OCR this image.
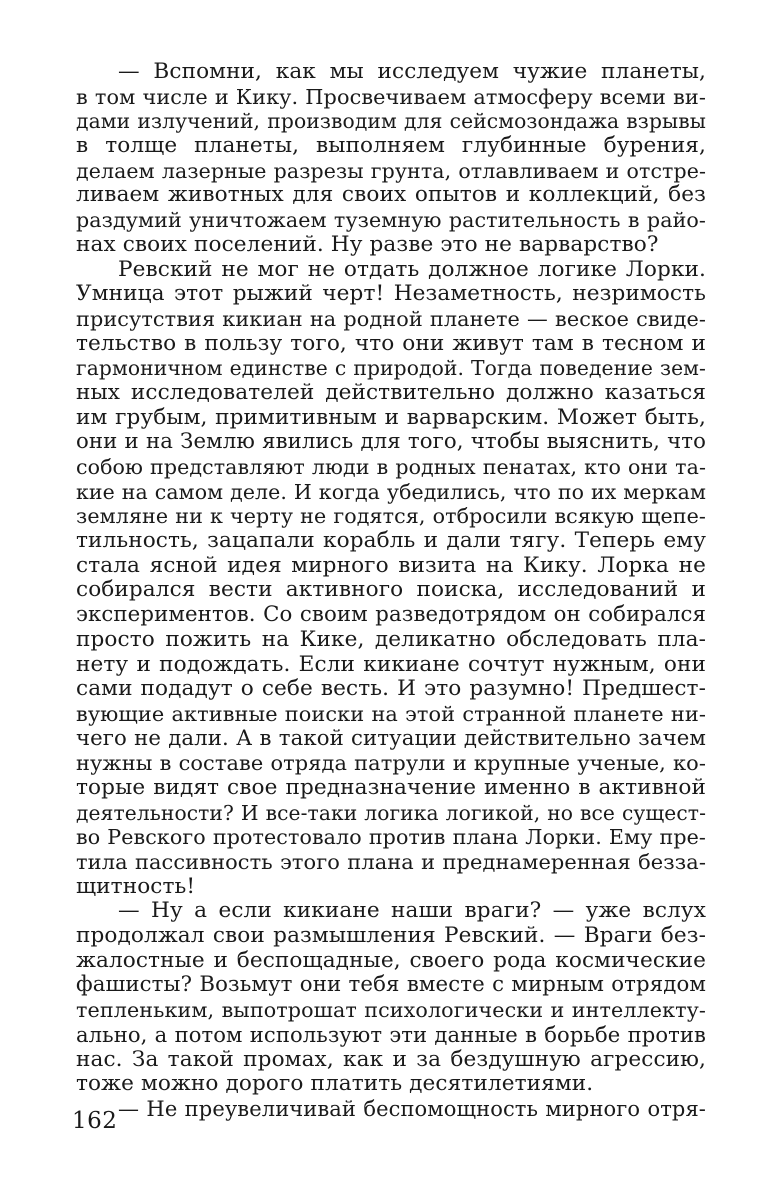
— Вспомни, как мы исследуем чужие планеты,
в том числе и Кику. Просвечиваем атмосферу всеми ви-
дами излучений, производим для сейсмозондажа взрывы
в толще планеты, выполняем глубинные бурения,
делаем лазерные разрезы грунта, отлавливаем и отстре-
ливаем животных для своих опытов и коллекций, без
раздумий уничтожаем туземную растительность в райо-
нах своих поселений. Ну разве это не варварство?
Ревский не мог не отдать должное логике Лорки.
Умница этот рыжий черт! Незаметность, незримость
присутствия кикиан на родной планете — веское свиде-
тельство в пользу того, что они живут там в тесном и
гармоничном единстве с природой. Тогда поведение зем-
ных исследователей действительно должно казаться
им грубым, примитивным и варварским. Может быть,
они и на Землю явились для того, чтобы выяснить, что
собою представляют люди в родных пенатах, кто они та-
кие на самом деле. И когда убедились, что по их меркам
земляне ни к черту не годятся, отбросили всякую щепе-
тильность, зацапали корабль и дали тягу. Теперь ему
стала ясной идея мирного визита на Кику. Лорка не
собирался вести активного поиска, исследований и
экспериментов. Со своим разведотрядом он собирался
просто пожить на Кике, деликатно обследовать пла-
нету и подождать. Если кикиане сочтут нужным, они
сами подадут о себе весть. И это разумно! Предшест-
вующие активные поиски на этой странной планете ни-
чего не дали. А в такой ситуации действительно зачем
нужны в составе отряда патрули и крупные ученые, ко-
торые видят свое предназначение именно в активной
деятельности? И все-таки логика логикой, но все сущест-
во Ревского протестовало против плана Лорки. Ему пре-
тила пассивность этого плана и преднамеренная безза-
щитность!
— Ну а если кикиане наши враги? — уже вслух
продолжал свои размышления Ревский. — Враги без-
жалостные и беспощадные, своего рода космические
фашисты? Возьмут они тебя вместе с мирным отрядом
тепленьким, выпотрошат психологически и интеллекту-
ально, а потом используют эти данные в борьбе против
нас. За такой промах, как и за бездушную агрессию,
тоже можно дорого платить десятилетиями.
— Не преувеличивай беспомощность мирного отря-
162
